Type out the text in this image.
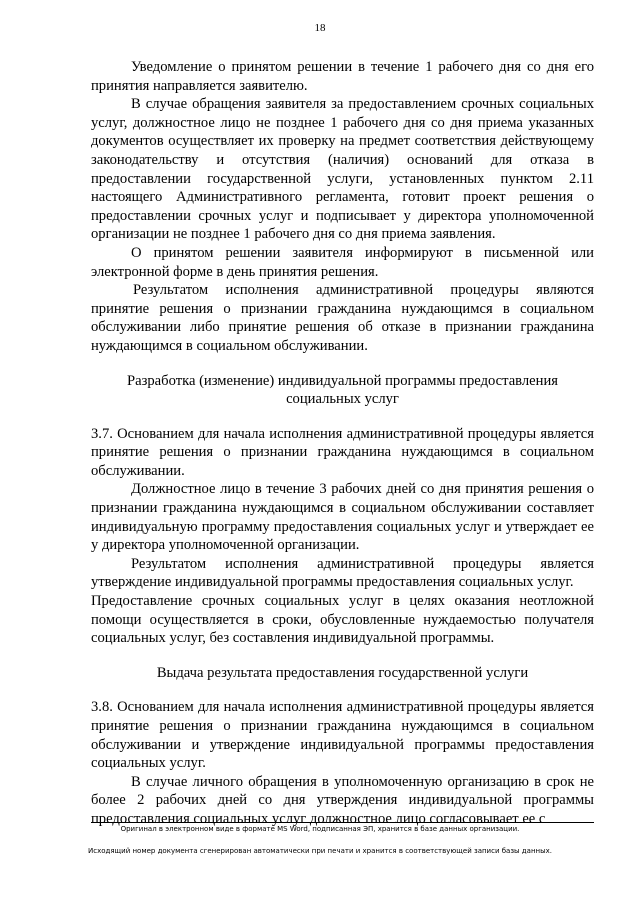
18

Уведомление о принятом решении в течение 1 рабочего дня со дня его принятия направляется заявителю.

В случае обращения заявителя за предоставлением срочных социальных услуг, должностное лицо не позднее 1 рабочего дня со дня приема указанных документов осуществляет их проверку на предмет соответствия действующему законодательству и отсутствия (наличия) оснований для отказа в предоставлении государственной услуги, установленных пунктом 2.11 настоящего Административного регламента, готовит проект решения о предоставлении срочных услуг и подписывает у директора уполномоченной организации не позднее 1 рабочего дня со дня приема заявления.

О принятом решении заявителя информируют в письменной или электронной форме в день принятия решения.

Результатом исполнения административной процедуры являются принятие решения о признании гражданина нуждающимся в социальном обслуживании либо принятие решения об отказе в признании гражданина нуждающимся в социальном обслуживании.

Разработка (изменение) индивидуальной программы предоставления социальных услуг

3.7. Основанием для начала исполнения административной процедуры является принятие решения о признании гражданина нуждающимся в социальном обслуживании.

Должностное лицо в течение 3 рабочих дней со дня принятия решения о признании гражданина нуждающимся в социальном обслуживании составляет индивидуальную программу предоставления социальных услуг и утверждает ее у директора уполномоченной организации.

Результатом исполнения административной процедуры является утверждение индивидуальной программы предоставления социальных услуг.

Предоставление срочных социальных услуг в целях оказания неотложной помощи осуществляется в сроки, обусловленные нуждаемостью получателя социальных услуг, без составления индивидуальной программы.

Выдача результата предоставления государственной услуги

3.8. Основанием для начала исполнения административной процедуры является принятие решения о признании гражданина нуждающимся в социальном обслуживании и утверждение индивидуальной программы предоставления социальных услуг.

В случае личного обращения в уполномоченную организацию в срок не более 2 рабочих дней со дня утверждения индивидуальной программы предоставления социальных услуг должностное лицо согласовывает ее с

Оригинал в электронном виде в формате MS Word, подписанная ЭП, хранится в базе данных организации.
Исходящий номер документа сгенерирован автоматически при печати и хранится в соответствующей записи базы данных.
